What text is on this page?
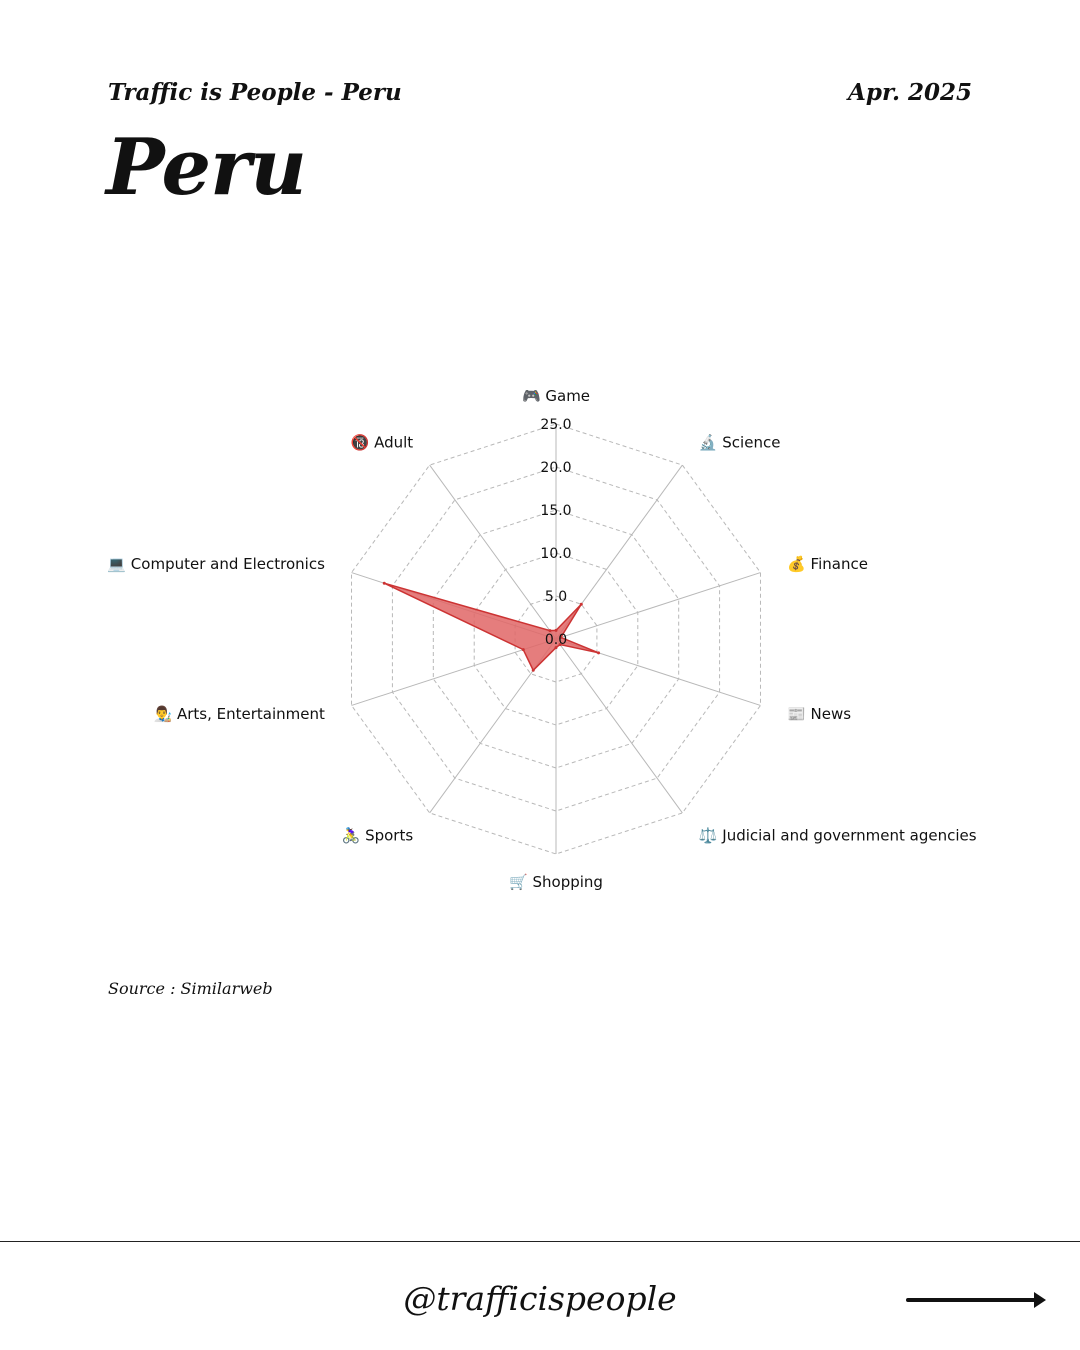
Traffic is People - Peru	Apr. 2025
Peru
0.0
5.0
10.0
15.0
20.0
25.0
🎮 Game
🔬 Science
💰 Finance
📰 News
⚖️ Judicial and government agencies
🛒 Shopping
🚴‍♀️ Sports
👨‍🎨 Arts, Entertainment
💻 Computer and Electronics
🔞 Adult
Source : Similarweb
@trafficispeople
